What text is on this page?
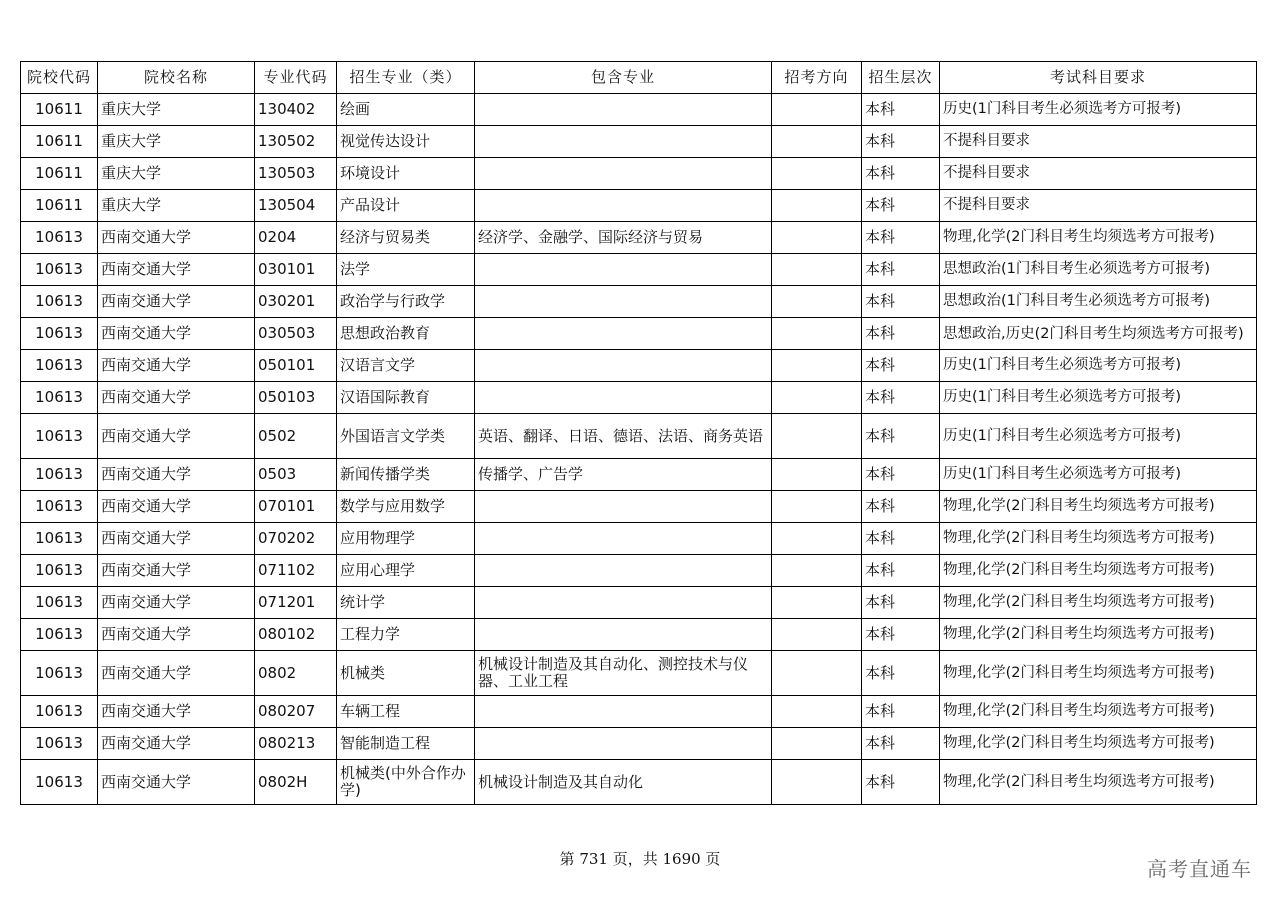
院校代码	院校名称	专业代码	招生专业（类）	包含专业	招考方向	招生层次	考试科目要求
10611	重庆大学	130402	绘画			本科	历史(1门科目考生必须选考方可报考)
10611	重庆大学	130502	视觉传达设计			本科	不提科目要求
10611	重庆大学	130503	环境设计			本科	不提科目要求
10611	重庆大学	130504	产品设计			本科	不提科目要求
10613	西南交通大学	0204	经济与贸易类	经济学、金融学、国际经济与贸易		本科	物理,化学(2门科目考生均须选考方可报考)
10613	西南交通大学	030101	法学			本科	思想政治(1门科目考生必须选考方可报考)
10613	西南交通大学	030201	政治学与行政学			本科	思想政治(1门科目考生必须选考方可报考)
10613	西南交通大学	030503	思想政治教育			本科	思想政治,历史(2门科目考生均须选考方可报考)
10613	西南交通大学	050101	汉语言文学			本科	历史(1门科目考生必须选考方可报考)
10613	西南交通大学	050103	汉语国际教育			本科	历史(1门科目考生必须选考方可报考)
10613	西南交通大学	0502	外国语言文学类	英语、翻译、日语、德语、法语、商务英语		本科	历史(1门科目考生必须选考方可报考)
10613	西南交通大学	0503	新闻传播学类	传播学、广告学		本科	历史(1门科目考生必须选考方可报考)
10613	西南交通大学	070101	数学与应用数学			本科	物理,化学(2门科目考生均须选考方可报考)
10613	西南交通大学	070202	应用物理学			本科	物理,化学(2门科目考生均须选考方可报考)
10613	西南交通大学	071102	应用心理学			本科	物理,化学(2门科目考生均须选考方可报考)
10613	西南交通大学	071201	统计学			本科	物理,化学(2门科目考生均须选考方可报考)
10613	西南交通大学	080102	工程力学			本科	物理,化学(2门科目考生均须选考方可报考)
10613	西南交通大学	0802	机械类	机械设计制造及其自动化、测控技术与仪器、工业工程		本科	物理,化学(2门科目考生均须选考方可报考)
10613	西南交通大学	080207	车辆工程			本科	物理,化学(2门科目考生均须选考方可报考)
10613	西南交通大学	080213	智能制造工程			本科	物理,化学(2门科目考生均须选考方可报考)
10613	西南交通大学	0802H	机械类(中外合作办学)	机械设计制造及其自动化		本科	物理,化学(2门科目考生均须选考方可报考)
第 731 页，共 1690 页	高考直通车
